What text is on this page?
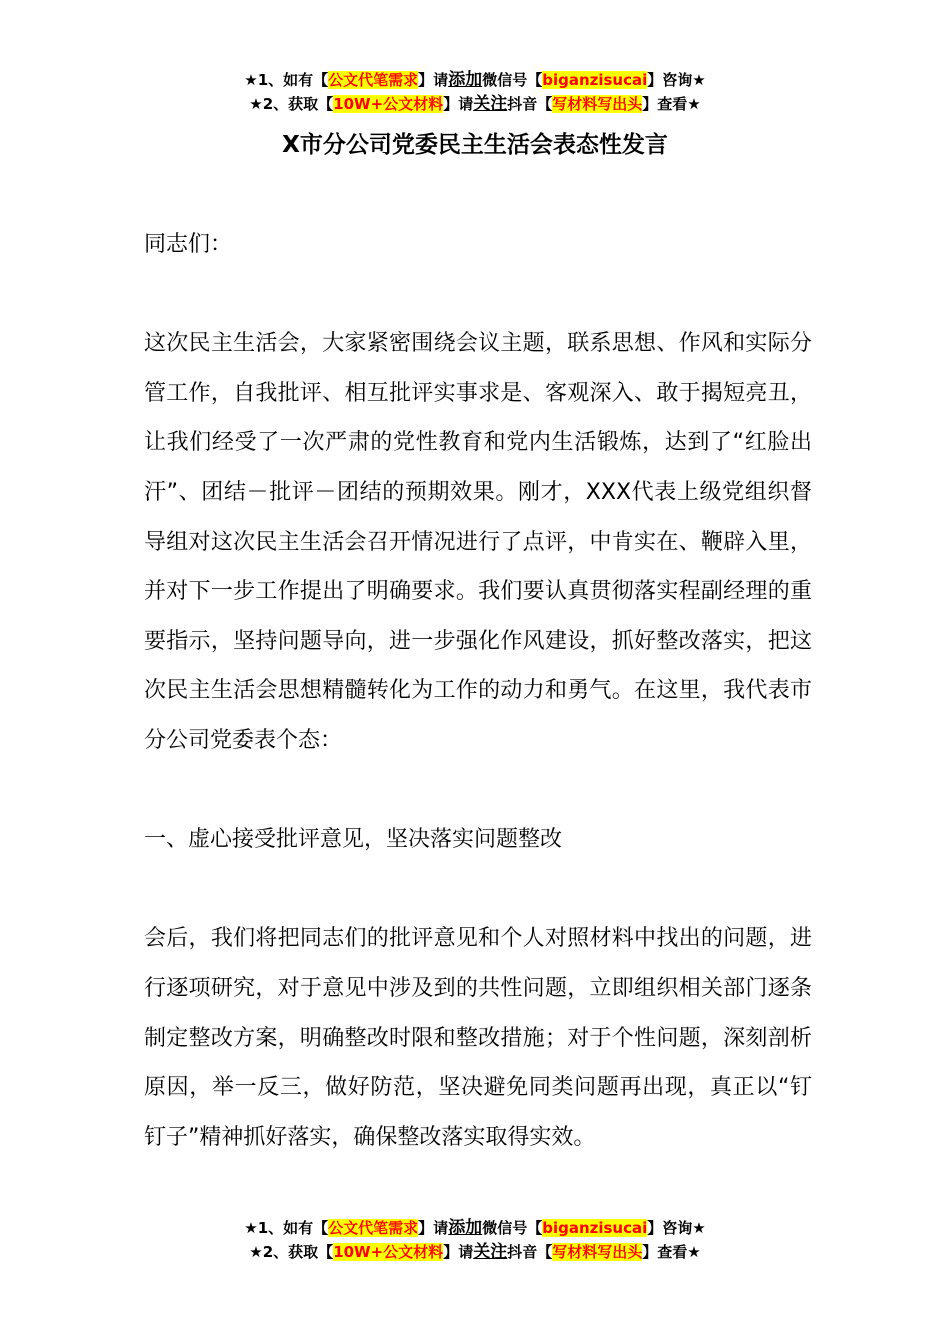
★1、如有【公文代笔需求】请添加微信号【biganzisucai】咨询★
★2、获取【10W+公文材料】请关注抖音【写材料写出头】查看★
X市分公司党委民主生活会表态性发言

同志们：

这次民主生活会，大家紧密围绕会议主题，联系思想、作风和实际分管工作，自我批评、相互批评实事求是、客观深入、敢于揭短亮丑，让我们经受了一次严肃的党性教育和党内生活锻炼，达到了“红脸出汗”、团结－批评－团结的预期效果。刚才，XXX代表上级党组织督导组对这次民主生活会召开情况进行了点评，中肯实在、鞭辟入里，并对下一步工作提出了明确要求。我们要认真贯彻落实程副经理的重要指示，坚持问题导向，进一步强化作风建设，抓好整改落实，把这次民主生活会思想精髓转化为工作的动力和勇气。在这里，我代表市分公司党委表个态：

一、虚心接受批评意见，坚决落实问题整改

会后，我们将把同志们的批评意见和个人对照材料中找出的问题，进行逐项研究，对于意见中涉及到的共性问题，立即组织相关部门逐条制定整改方案，明确整改时限和整改措施；对于个性问题，深刻剖析原因，举一反三，做好防范，坚决避免同类问题再出现，真正以“钉钉子”精神抓好落实，确保整改落实取得实效。

★1、如有【公文代笔需求】请添加微信号【biganzisucai】咨询★
★2、获取【10W+公文材料】请关注抖音【写材料写出头】查看★
